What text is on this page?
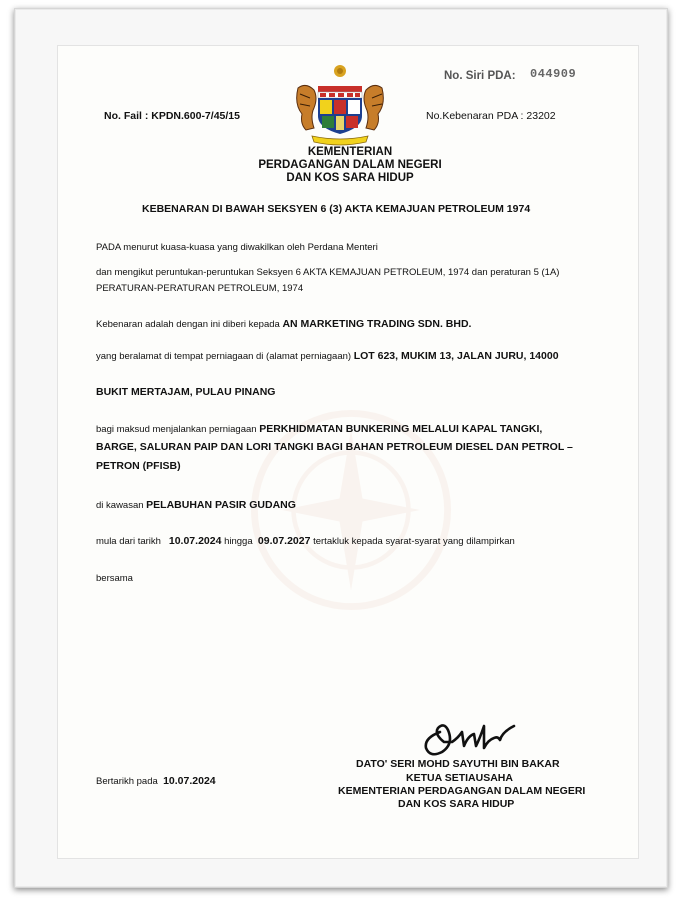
No. Siri PDA: 044909
No. Fail : KPDN.600-7/45/15	No.Kebenaran PDA : 23202
KEMENTERIAN
PERDAGANGAN DALAM NEGERI
DAN KOS SARA HIDUP
KEBENARAN DI BAWAH SEKSYEN 6 (3) AKTA KEMAJUAN PETROLEUM 1974
PADA menurut kuasa-kuasa yang diwakilkan oleh Perdana Menteri
dan mengikut peruntukan-peruntukan Seksyen 6 AKTA KEMAJUAN PETROLEUM, 1974 dan peraturan 5 (1A)
PERATURAN-PERATURAN PETROLEUM, 1974
Kebenaran adalah dengan ini diberi kepada AN MARKETING TRADING SDN. BHD.
yang beralamat di tempat perniagaan di (alamat perniagaan) LOT 623, MUKIM 13, JALAN JURU, 14000
BUKIT MERTAJAM, PULAU PINANG
bagi maksud menjalankan perniagaan PERKHIDMATAN BUNKERING MELALUI KAPAL TANGKI,
BARGE, SALURAN PAIP DAN LORI TANGKI BAGI BAHAN PETROLEUM DIESEL DAN PETROL –
PETRON (PFISB)
di kawasan PELABUHAN PASIR GUDANG
mula dari tarikh 10.07.2024 hingga 09.07.2027 tertakluk kepada syarat-syarat yang dilampirkan
bersama
DATO' SERI MOHD SAYUTHI BIN BAKAR
KETUA SETIAUSAHA
KEMENTERIAN PERDAGANGAN DALAM NEGERI
DAN KOS SARA HIDUP
Bertarikh pada 10.07.2024
